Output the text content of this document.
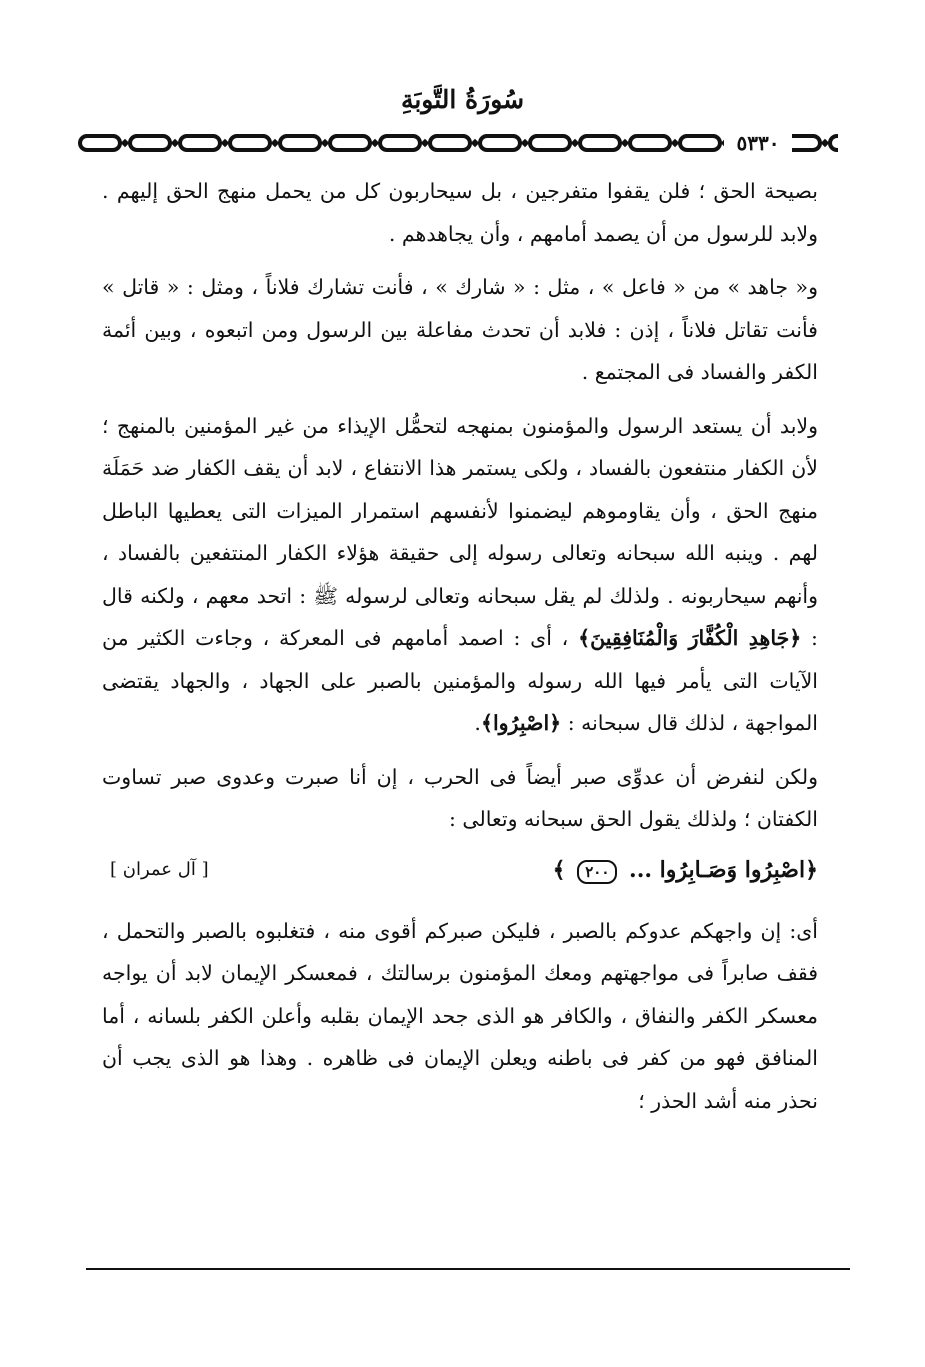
سُورَةُ التَّوبَةِ
٥٣٣٠

بصيحة الحق ؛ فلن يقفوا متفرجين ، بل سيحاربون كل من يحمل منهج الحق إليهم . ولابد للرسول من أن يصمد أمامهم ، وأن يجاهدهم .

و« جاهد » من « فاعل » ، مثل : « شارك » ، فأنت تشارك فلاناً ، ومثل : « قاتل » فأنت تقاتل فلاناً ، إذن : فلابد أن تحدث مفاعلة بين الرسول ومن اتبعوه ، وبين أئمة الكفر والفساد فى المجتمع .

ولابد أن يستعد الرسول والمؤمنون بمنهجه لتحمُّل الإيذاء من غير المؤمنين بالمنهج ؛ لأن الكفار منتفعون بالفساد ، ولكى يستمر هذا الانتفاع ، لابد أن يقف الكفار ضد حَمَلَة منهج الحق ، وأن يقاوموهم ليضمنوا لأنفسهم استمرار الميزات التى يعطيها الباطل لهم . وينبه الله سبحانه وتعالى رسوله إلى حقيقة هؤلاء الكفار المنتفعين بالفساد ، وأنهم سيحاربونه . ولذلك لم يقل سبحانه وتعالى لرسوله ﷺ : اتحد معهم ، ولكنه قال : ﴿جَاهِدِ الْكُفَّارَ وَالْمُنَافِقِينَ﴾ ، أى : اصمد أمامهم فى المعركة ، وجاءت الكثير من الآيات التى يأمر فيها الله رسوله والمؤمنين بالصبر على الجهاد ، والجهاد يقتضى المواجهة ، لذلك قال سبحانه : ﴿اصْبِرُوا﴾.

ولكن لنفرض أن عدوِّى صبر أيضاً فى الحرب ، إن أنا صبرت وعدوى صبر تساوت الكفتان ؛ ولذلك يقول الحق سبحانه وتعالى :

﴿اصْبِرُوا وَصَـابِرُوا ... ٢٠٠ ﴾
[ آل عمران ]

أى: إن واجهكم عدوكم بالصبر ، فليكن صبركم أقوى منه ، فتغلبوه بالصبر والتحمل ، فقف صابراً فى مواجهتهم ومعك المؤمنون برسالتك ، فمعسكر الإيمان لابد أن يواجه معسكر الكفر والنفاق ، والكافر هو الذى جحد الإيمان بقلبه وأعلن الكفر بلسانه ، أما المنافق فهو من كفر فى باطنه ويعلن الإيمان فى ظاهره . وهذا هو الذى يجب أن نحذر منه أشد الحذر ؛
